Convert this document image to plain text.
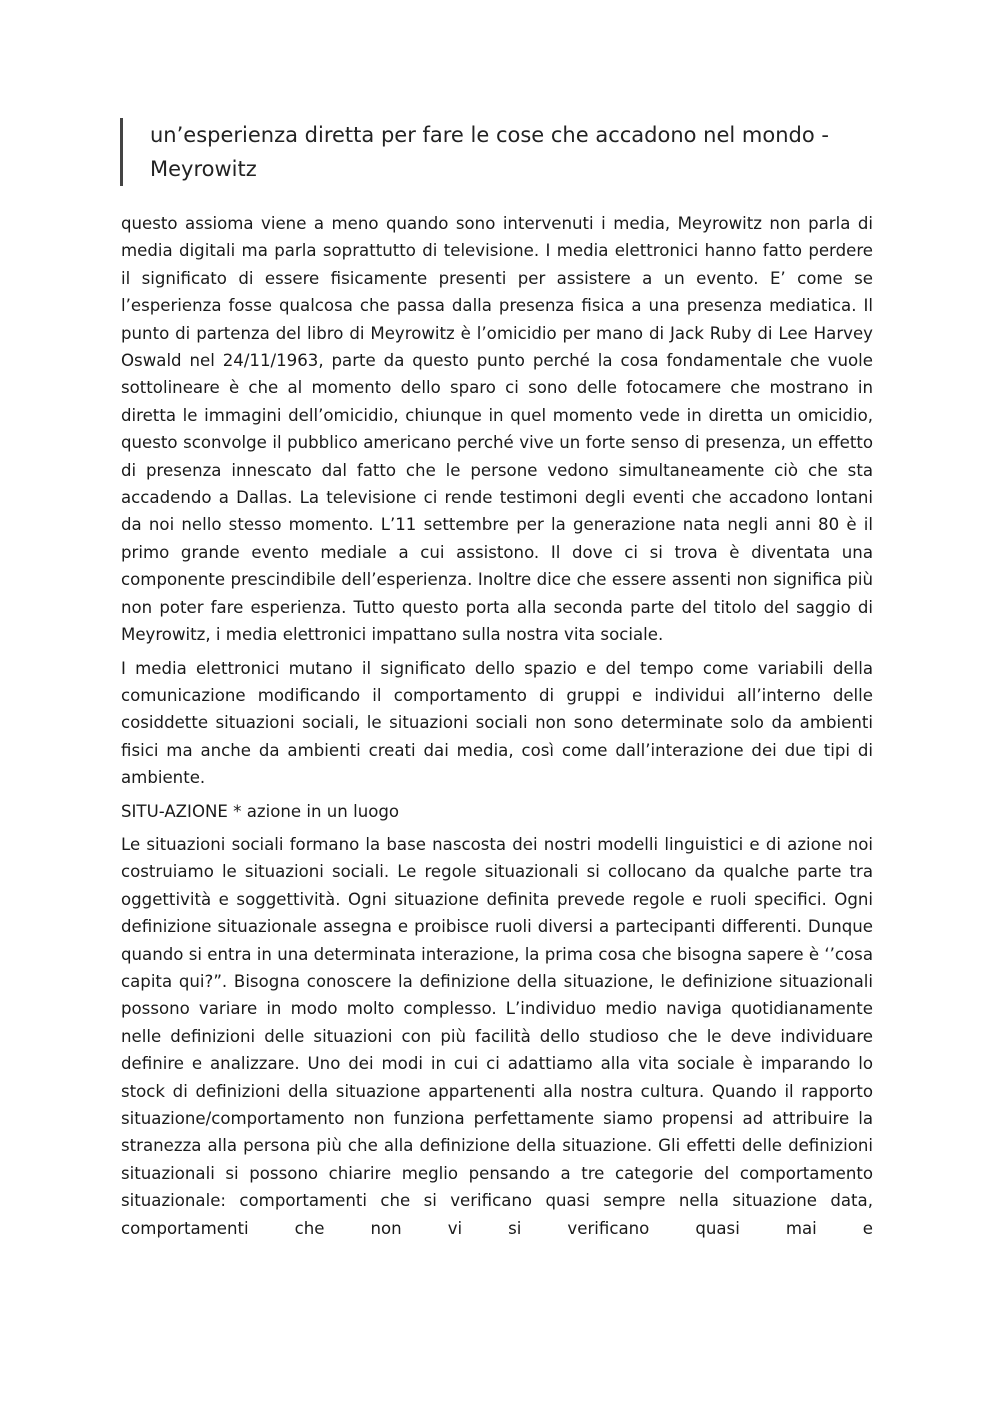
un’esperienza diretta per fare le cose che accadono nel mondo - Meyrowitz

questo assioma viene a meno quando sono intervenuti i media, Meyrowitz non parla di media digitali ma parla soprattutto di televisione. I media elettronici hanno fatto perdere il significato di essere fisicamente presenti per assistere a un evento. E’ come se l’esperienza fosse qualcosa che passa dalla presenza fisica a una presenza mediatica. Il punto di partenza del libro di Meyrowitz è l’omicidio per mano di Jack Ruby di Lee Harvey Oswald nel 24/11/1963, parte da questo punto perché la cosa fondamentale che vuole sottolineare è che al momento dello sparo ci sono delle fotocamere che mostrano in diretta le immagini dell’omicidio, chiunque in quel momento vede in diretta un omicidio, questo sconvolge il pubblico americano perché vive un forte senso di presenza, un effetto di presenza innescato dal fatto che le persone vedono simultaneamente ciò che sta accadendo a Dallas. La televisione ci rende testimoni degli eventi che accadono lontani da noi nello stesso momento. L’11 settembre per la generazione nata negli anni 80 è il primo grande evento mediale a cui assistono. Il dove ci si trova è diventata una componente prescindibile dell’esperienza. Inoltre dice che essere assenti non significa più non poter fare esperienza. Tutto questo porta alla seconda parte del titolo del saggio di Meyrowitz, i media elettronici impattano sulla nostra vita sociale.

I media elettronici mutano il significato dello spazio e del tempo come variabili della comunicazione modificando il comportamento di gruppi e individui all’interno delle cosiddette situazioni sociali, le situazioni sociali non sono determinate solo da ambienti fisici ma anche da ambienti creati dai media, così come dall’interazione dei due tipi di ambiente.

SITU-AZIONE * azione in un luogo

Le situazioni sociali formano la base nascosta dei nostri modelli linguistici e di azione noi costruiamo le situazioni sociali. Le regole situazionali si collocano da qualche parte tra oggettività e soggettività. Ogni situazione definita prevede regole e ruoli specifici. Ogni definizione situazionale assegna e proibisce ruoli diversi a partecipanti differenti. Dunque quando si entra in una determinata interazione, la prima cosa che bisogna sapere è ‘’cosa capita qui?”. Bisogna conoscere la definizione della situazione, le definizione situazionali possono variare in modo molto complesso. L’individuo medio naviga quotidianamente nelle definizioni delle situazioni con più facilità dello studioso che le deve individuare definire e analizzare. Uno dei modi in cui ci adattiamo alla vita sociale è imparando lo stock di definizioni della situazione appartenenti alla nostra cultura. Quando il rapporto situazione/comportamento non funziona perfettamente siamo propensi ad attribuire la stranezza alla persona più che alla definizione della situazione. Gli effetti delle definizioni situazionali si possono chiarire meglio pensando a tre categorie del comportamento situazionale: comportamenti che si verificano quasi sempre nella situazione data, comportamenti che non vi si verificano quasi mai e
